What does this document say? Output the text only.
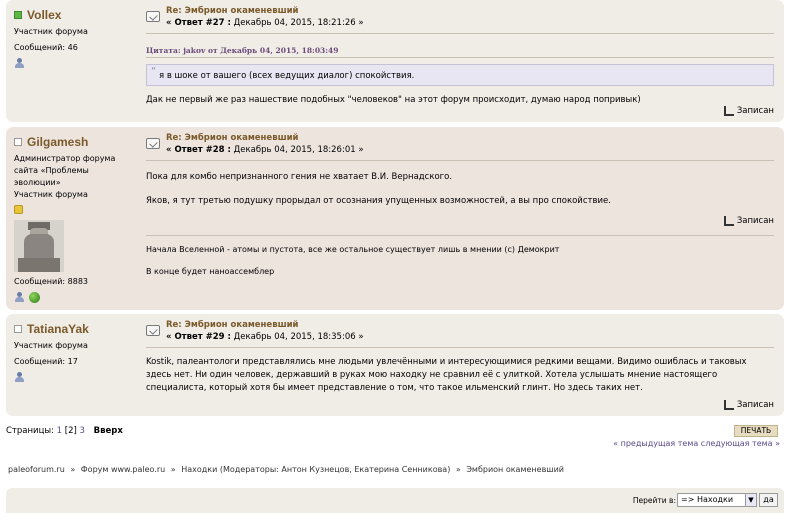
Vollex
Участник форума
Сообщений: 46
Re: Эмбрион окаменевший
« Ответ #27 : Декабрь 04, 2015, 18:21:26 »
Цитата: jakov от Декабрь 04, 2015, 18:03:49
“ я в шоке от вашего (всех ведущих диалог) спокойствия.
Дак не первый же раз нашествие подобных "человеков" на этот форум происходит, думаю народ попривык)
Записан
Gilgamesh
Администратор форума
сайта «Проблемы
эволюции»
Участник форума
Сообщений: 8883
Re: Эмбрион окаменевший
« Ответ #28 : Декабрь 04, 2015, 18:26:01 »
Пока для комбо непризнанного гения не хватает В.И. Вернадского.
Яков, я тут третью подушку прорыдал от осознания упущенных возможностей, а вы про спокойствие.
Записан
Начала Вселенной - атомы и пустота, все же остальное существует лишь в мнении (с) Демокрит
В конце будет наноассемблер
TatianaYak
Участник форума
Сообщений: 17
Re: Эмбрион окаменевший
« Ответ #29 : Декабрь 04, 2015, 18:35:06 »
Kostik, палеантологи представлялись мне людьми увлечёнными и интересующимися редкими вещами. Видимо ошиблась и таковых здесь нет. Ни один человек, державший в руках мою находку не сравнил её с улиткой. Хотела услышать мнение настоящего специалиста, который хотя бы имеет представление о том, что такое ильменский глинт. Но здесь таких нет.
Записан
Страницы: 1 [2] 3 Вверх	ПЕЧАТЬ
« предыдущая тема следующая тема »
paleoforum.ru » Форум www.paleo.ru » Находки (Модераторы: Антон Кузнецов, Екатерина Сенникова) » Эмбрион окаменевший
Перейти в: => Находки	▼	да
